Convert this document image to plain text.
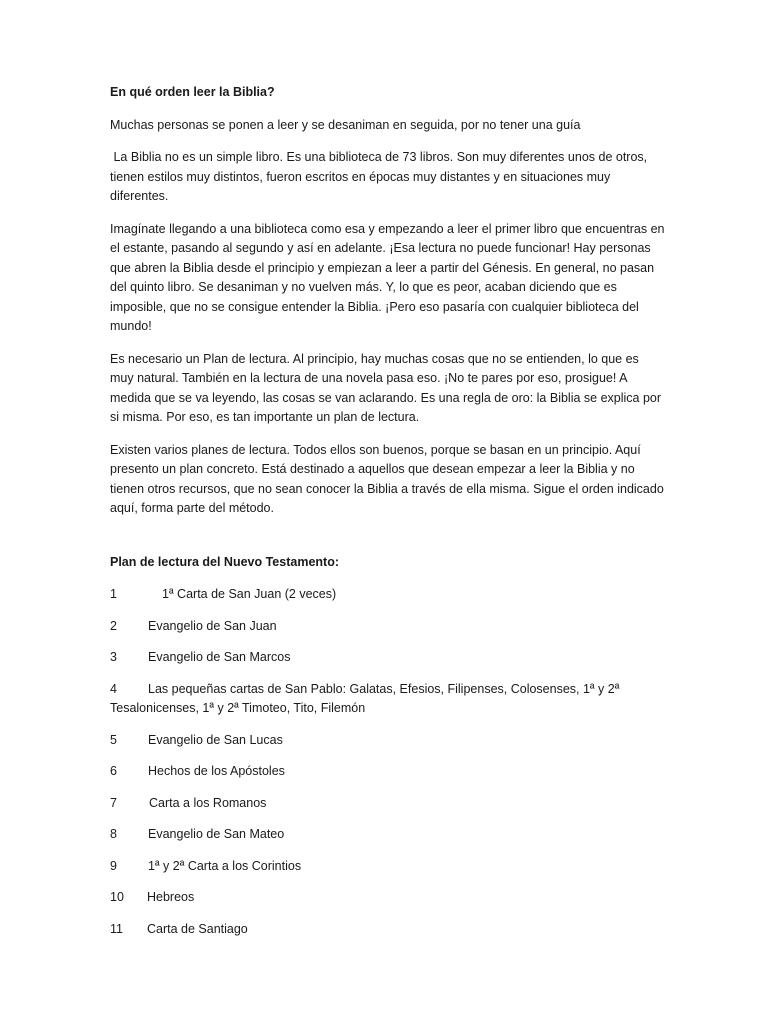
En qué orden leer la Biblia?

Muchas personas se ponen a leer y se desaniman en seguida, por no tener una guía

La Biblia no es un simple libro. Es una biblioteca de 73 libros. Son muy diferentes unos de otros, tienen estilos muy distintos, fueron escritos en épocas muy distantes y en situaciones muy diferentes.

Imagínate llegando a una biblioteca como esa y empezando a leer el primer libro que encuentras en el estante, pasando al segundo y así en adelante. ¡Esa lectura no puede funcionar! Hay personas que abren la Biblia desde el principio y empiezan a leer a partir del Génesis. En general, no pasan del quinto libro. Se desaniman y no vuelven más. Y, lo que es peor, acaban diciendo que es imposible, que no se consigue entender la Biblia. ¡Pero eso pasaría con cualquier biblioteca del mundo!

Es necesario un Plan de lectura. Al principio, hay muchas cosas que no se entienden, lo que es muy natural. También en la lectura de una novela pasa eso. ¡No te pares por eso, prosigue! A medida que se va leyendo, las cosas se van aclarando. Es una regla de oro: la Biblia se explica por si misma. Por eso, es tan importante un plan de lectura.

Existen varios planes de lectura. Todos ellos son buenos, porque se basan en un principio. Aquí presento un plan concreto. Está destinado a aquellos que desean empezar a leer la Biblia y no tienen otros recursos, que no sean conocer la Biblia a través de ella misma. Sigue el orden indicado aquí, forma parte del método.

Plan de lectura del Nuevo Testamento:
1	1ª Carta de San Juan (2 veces)
2 Evangelio de San Juan
3 Evangelio de San Marcos
4 Las pequeñas cartas de San Pablo: Galatas, Efesios, Filipenses, Colosenses, 1ª y 2ª Tesalonicenses, 1ª y 2ª Timoteo, Tito, Filemón
5 Evangelio de San Lucas
6 Hechos de los Apóstoles
7	Carta a los Romanos
8 Evangelio de San Mateo
9 1ª y 2ª Carta a los Corintios
10 Hebreos
11 Carta de Santiago
